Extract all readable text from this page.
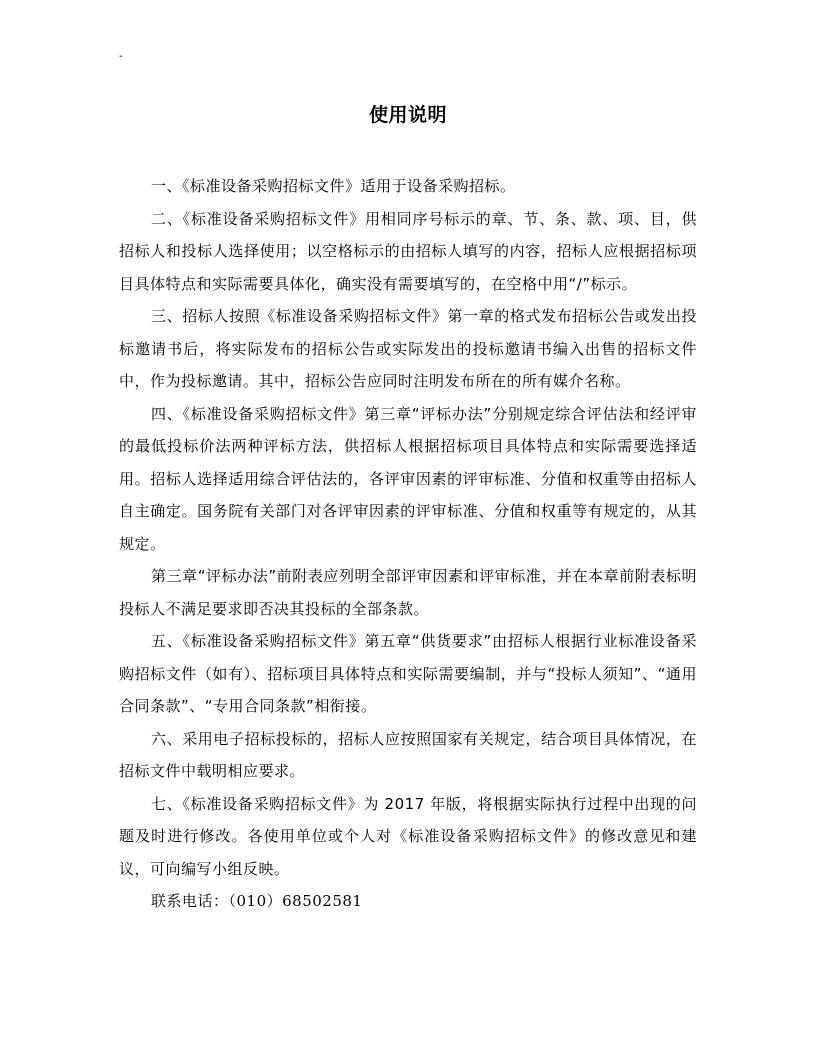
-
使用说明

一、《标准设备采购招标文件》适用于设备采购招标。

二、《标准设备采购招标文件》用相同序号标示的章、节、条、款、项、目，供招标人和投标人选择使用；以空格标示的由招标人填写的内容，招标人应根据招标项目具体特点和实际需要具体化，确实没有需要填写的，在空格中用“/”标示。

三、招标人按照《标准设备采购招标文件》第一章的格式发布招标公告或发出投标邀请书后，将实际发布的招标公告或实际发出的投标邀请书编入出售的招标文件中，作为投标邀请。其中，招标公告应同时注明发布所在的所有媒介名称。

四、《标准设备采购招标文件》第三章“评标办法”分别规定综合评估法和经评审的最低投标价法两种评标方法，供招标人根据招标项目具体特点和实际需要选择适用。招标人选择适用综合评估法的，各评审因素的评审标准、分值和权重等由招标人自主确定。国务院有关部门对各评审因素的评审标准、分值和权重等有规定的，从其规定。

第三章“评标办法”前附表应列明全部评审因素和评审标准，并在本章前附表标明投标人不满足要求即否决其投标的全部条款。

五、《标准设备采购招标文件》第五章“供货要求”由招标人根据行业标准设备采购招标文件（如有）、招标项目具体特点和实际需要编制，并与“投标人须知”、“通用合同条款”、“专用合同条款”相衔接。

六、采用电子招标投标的，招标人应按照国家有关规定，结合项目具体情况，在招标文件中载明相应要求。

七、《标准设备采购招标文件》为 2017 年版，将根据实际执行过程中出现的问题及时进行修改。各使用单位或个人对《标准设备采购招标文件》的修改意见和建议，可向编写小组反映。

联系电话：（010）68502581
